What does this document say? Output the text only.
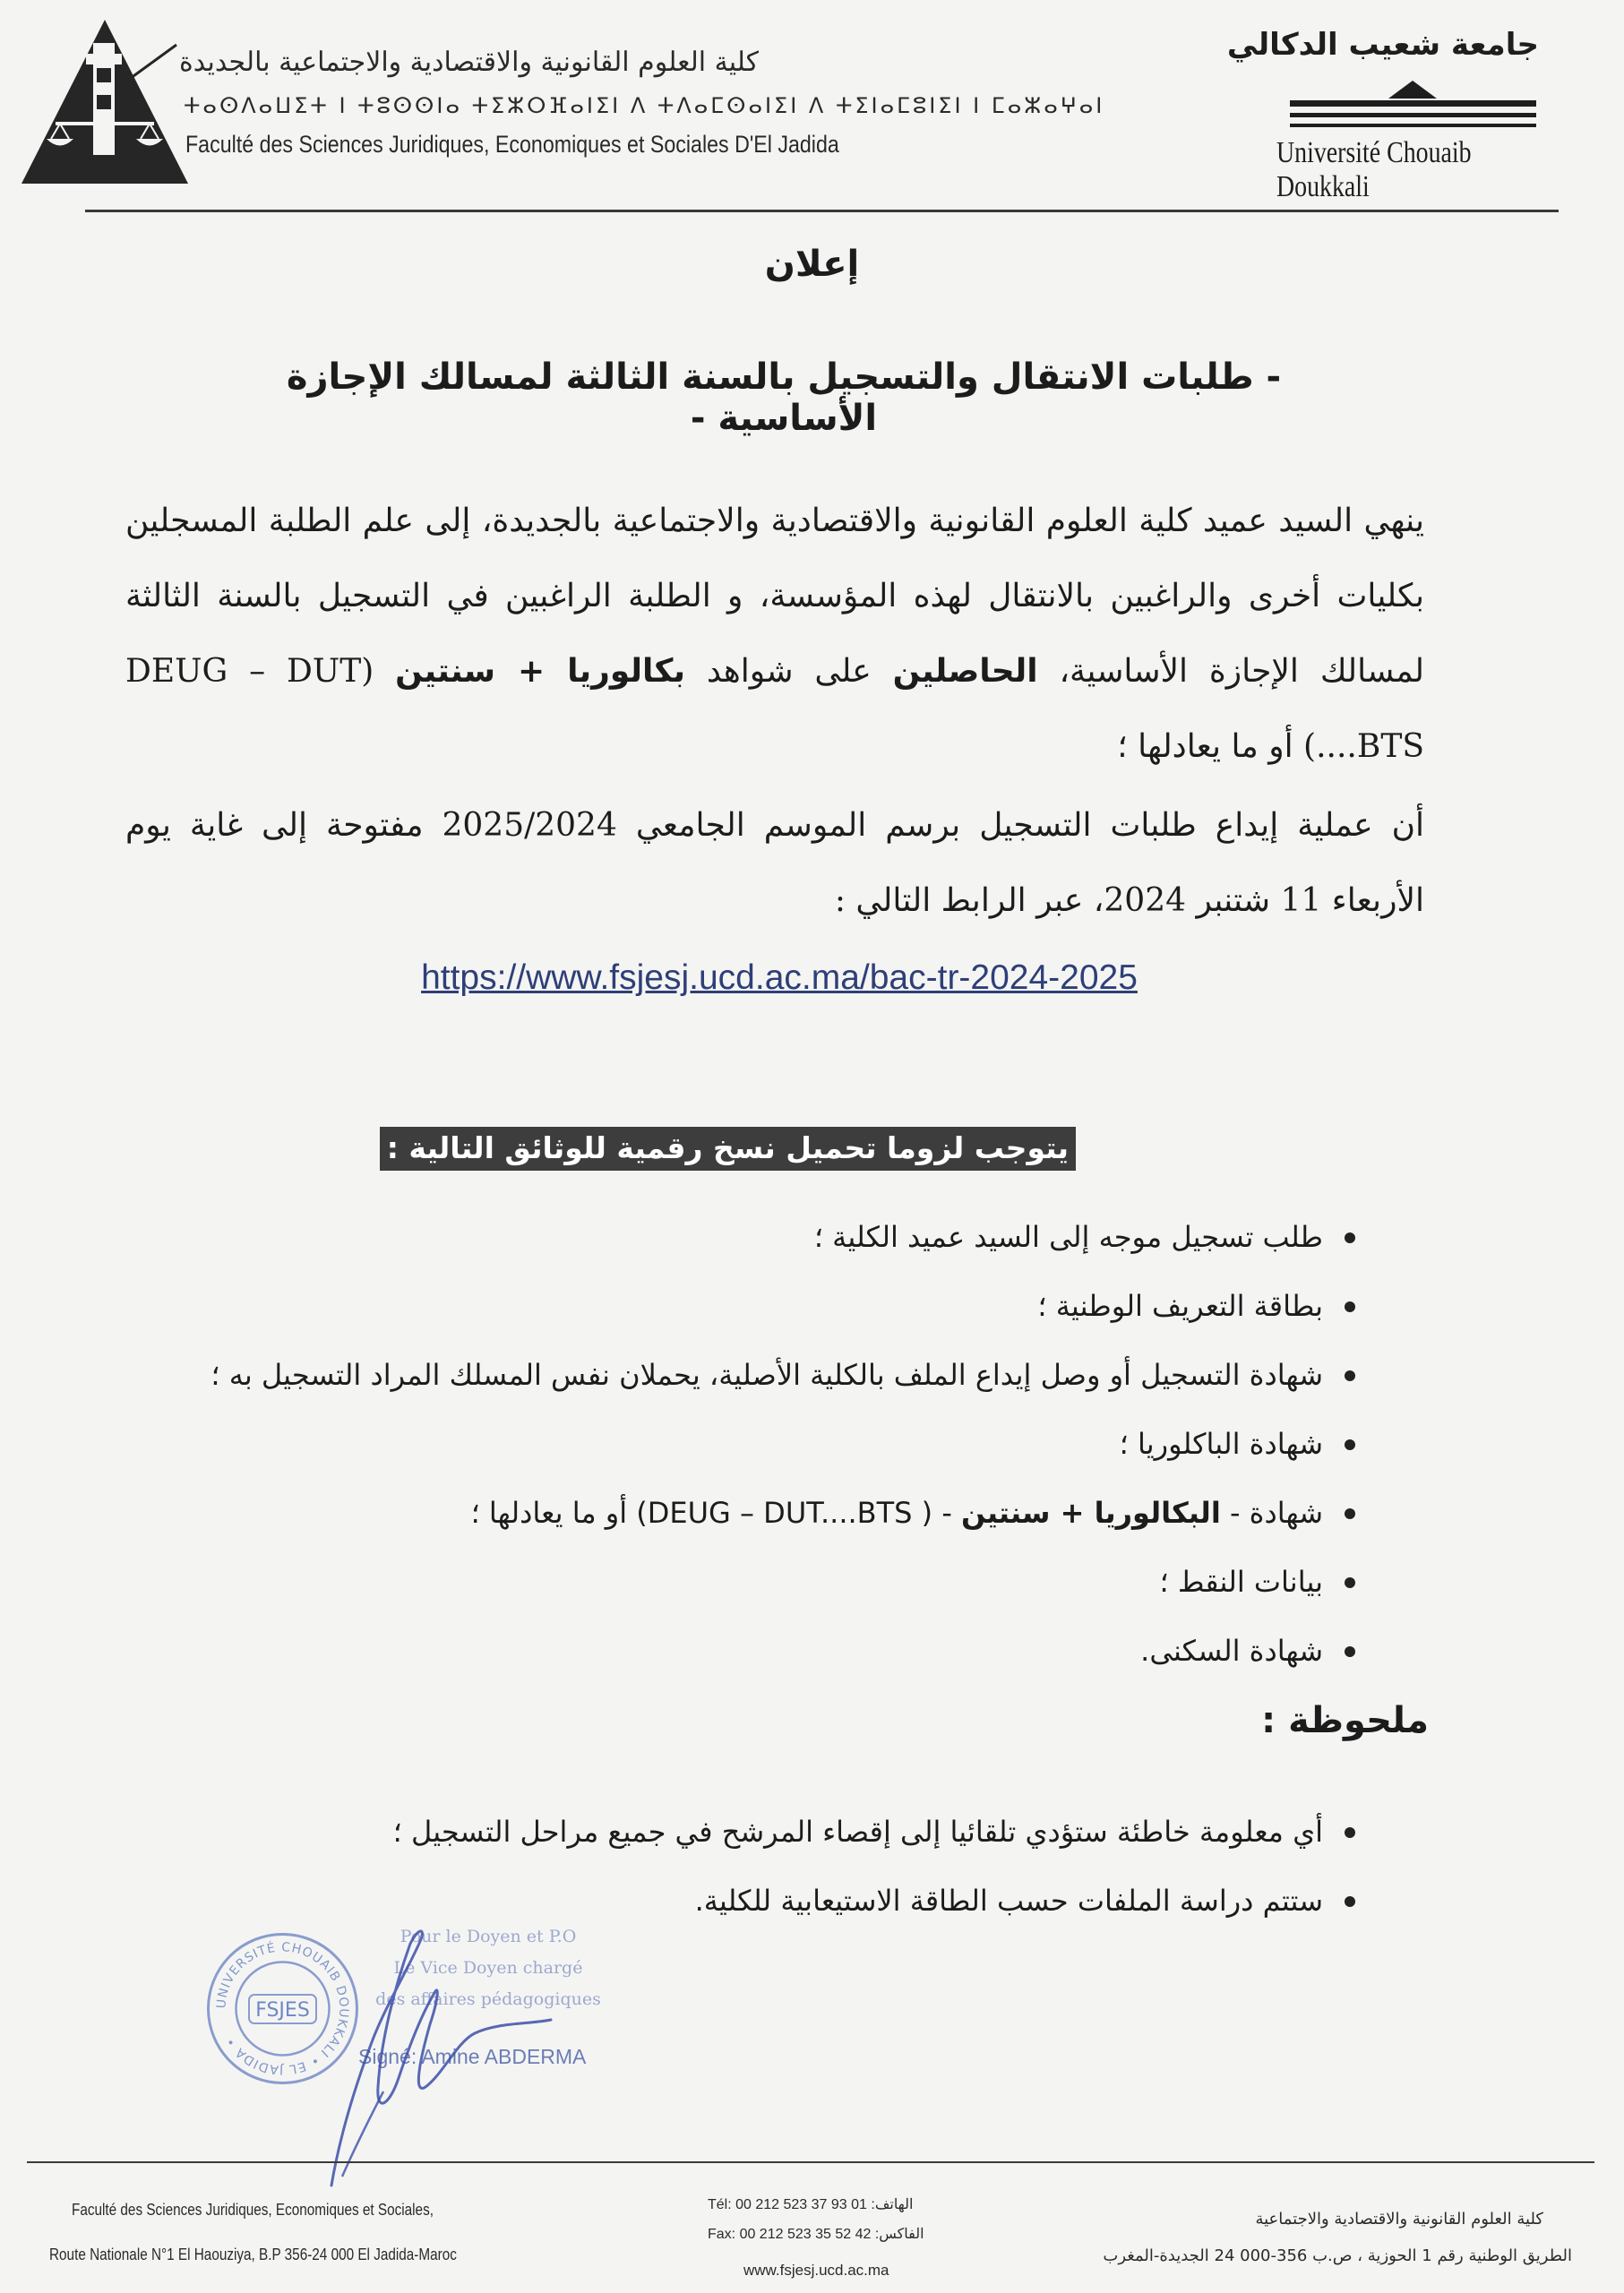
كلية العلوم القانونية والاقتصادية والاجتماعية بالجديدة
ⵜⴰⵙⴷⴰⵡⵉⵜ ⵏ ⵜⵓⵙⵙⵏⴰ ⵜⵉⵣⵔⴼⴰⵏⵉⵏ ⴷ ⵜⴷⴰⵎⵙⴰⵏⵉⵏ ⴷ ⵜⵉⵏⴰⵎⵓⵏⵉⵏ ⵏ ⵎⴰⵣⴰⵖⴰⵏ
Faculté des Sciences Juridiques, Economiques et Sociales D'El Jadida
جامعة شعيب الدكالي
Université Chouaib Doukkali
إعلان
- طلبات الانتقال والتسجيل بالسنة الثالثة لمسالك الإجازة الأساسية -
ينهي السيد عميد كلية العلوم القانونية والاقتصادية والاجتماعية بالجديدة، إلى علم الطلبة المسجلين بكليات أخرى والراغبين بالانتقال لهذه المؤسسة، و الطلبة الراغبين في التسجيل بالسنة الثالثة لمسالك الإجازة الأساسية، الحاصلين على شواهد بكالوريا + سنتين (DEUG – DUT ....BTS) أو ما يعادلها ؛
أن عملية إيداع طلبات التسجيل برسم الموسم الجامعي 2025/2024 مفتوحة إلى غاية يوم الأربعاء 11 شتنبر 2024، عبر الرابط التالي :
https://www.fsjesj.ucd.ac.ma/bac-tr-2024-2025
يتوجب لزوما تحميل نسخ رقمية للوثائق التالية :
طلب تسجيل موجه إلى السيد عميد الكلية ؛
بطاقة التعريف الوطنية ؛
شهادة التسجيل أو وصل إيداع الملف بالكلية الأصلية، يحملان نفس المسلك المراد التسجيل به ؛
شهادة الباكلوريا ؛
شهادة - البكالوريا + سنتين - ( DEUG – DUT....BTS) أو ما يعادلها ؛
بيانات النقط ؛
شهادة السكنى.
ملحوظة :
أي معلومة خاطئة ستؤدي تلقائيا إلى إقصاء المرشح في جميع مراحل التسجيل ؛
ستتم دراسة الملفات حسب الطاقة الاستيعابية للكلية.
UNIVERSITÉ CHOUAIB DOUKKALI • EL JADIDA •
FSJES
Pour le Doyen et P.O
Le Vice Doyen chargé
des affaires pédagogiques
Signé: Amine ABDERMA
Faculté des Sciences Juridiques, Economiques et Sociales,
Route Nationale N°1 El Haouziya, B.P 356-24 000 El Jadida-Maroc
Tél: 00 212 523 37 93 01 :الهاتف
Fax: 00 212 523 35 52 42 :الفاكس
www.fsjesj.ucd.ac.ma
كلية العلوم القانونية والاقتصادية والاجتماعية
الطريق الوطنية رقم 1 الحوزية ، ص.ب 356-000 24 الجديدة-المغرب
